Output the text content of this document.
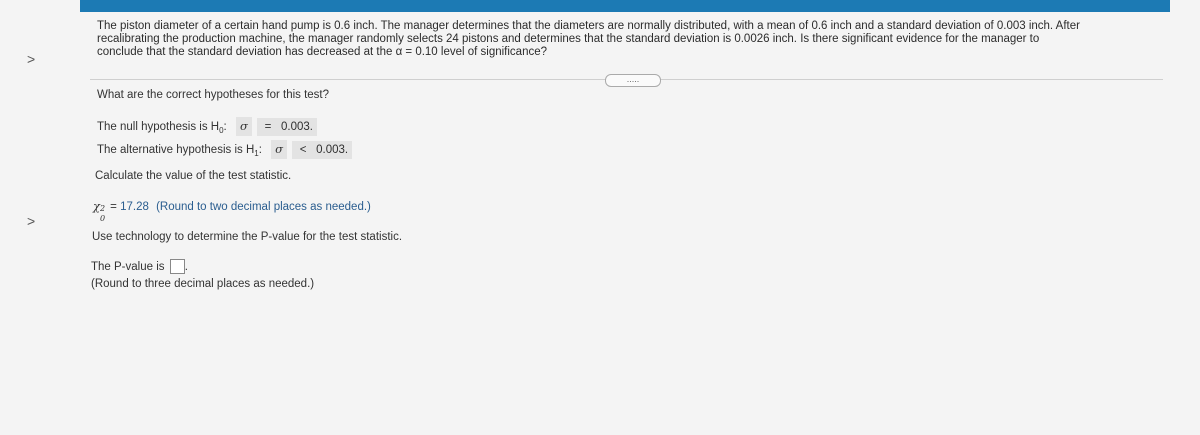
>
>
The piston diameter of a certain hand pump is 0.6 inch. The manager determines that the diameters are normally distributed, with a mean of 0.6 inch and a standard deviation of 0.003 inch. After
recalibrating the production machine, the manager randomly selects 24 pistons and determines that the standard deviation is 0.0026 inch. Is there significant evidence for the manager to
conclude that the standard deviation has decreased at the α = 0.10 level of significance?
.....
What are the correct hypotheses for this test?
The null hypothesis is $H_0$: σ = 0.003.
The alternative hypothesis is $H_1$: σ < 0.003.
Calculate the value of the test statistic.
χ 2
0
= 17.28 (Round to two decimal places as needed.)
Use technology to determine the P-value for the test statistic.
The P-value is .
(Round to three decimal places as needed.)
